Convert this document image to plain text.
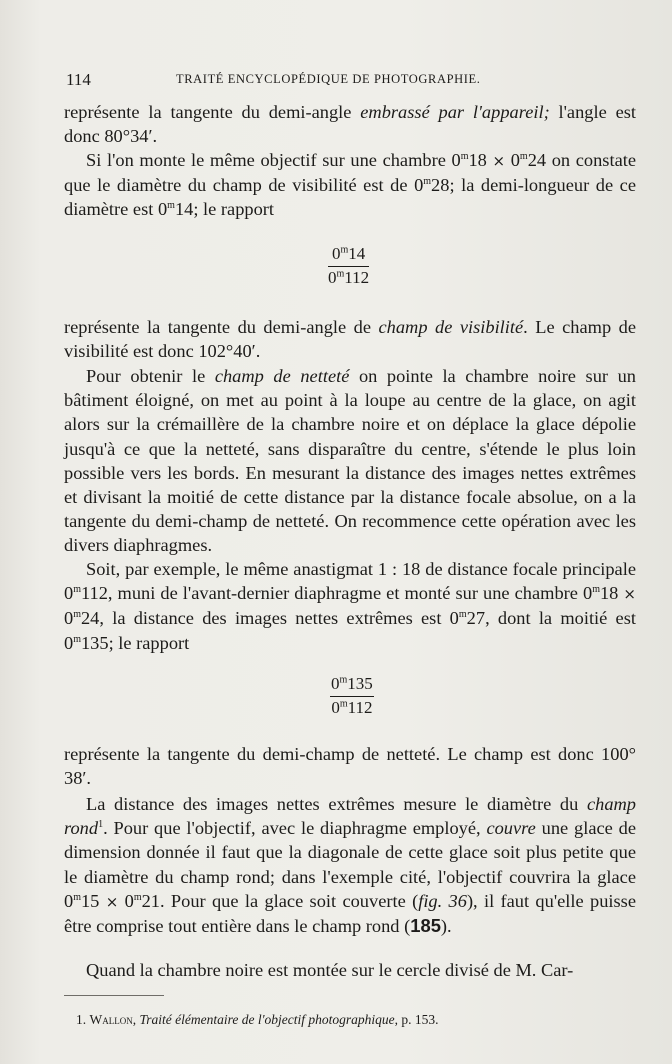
114	TRAITÉ ENCYCLOPÉDIQUE DE PHOTOGRAPHIE.

représente la tangente du demi-angle embrassé par l'appareil; l'angle est donc 80°34′.

Si l'on monte le même objectif sur une chambre $0^m18 \times 0^m24$ on constate que le diamètre du champ de visibilité est de 0$^m$28; la demi-longueur de ce diamètre est 0$^m$14; le rapport

0$^m$14
0$^m$112

représente la tangente du demi-angle de champ de visibilité. Le champ de visibilité est donc 102°40′.

Pour obtenir le champ de netteté on pointe la chambre noire sur un bâtiment éloigné, on met au point à la loupe au centre de la glace, on agit alors sur la crémaillère de la chambre noire et on déplace la glace dépolie jusqu'à ce que la netteté, sans disparaître du centre, s'étende le plus loin possible vers les bords. En mesurant la distance des images nettes extrêmes et divisant la moitié de cette distance par la distance focale absolue, on a la tangente du demi-champ de netteté. On recommence cette opération avec les divers diaphragmes.

Soit, par exemple, le même anastigmat 1 : 18 de distance focale principale 0$^m$112, muni de l'avant-dernier diaphragme et monté sur une chambre $0^m18 \times 0^m24$, la distance des images nettes extrêmes est 0$^m$27, dont la moitié est 0$^m$135; le rapport

0$^m$135
0$^m$112

représente la tangente du demi-champ de netteté. Le champ est donc 100° 38′.

La distance des images nettes extrêmes mesure le diamètre du champ rond$^1$. Pour que l'objectif, avec le diaphragme employé, couvre une glace de dimension donnée il faut que la diagonale de cette glace soit plus petite que le diamètre du champ rond; dans l'exemple cité, l'objectif couvrira la glace $0^m15 \times 0^m21$. Pour que la glace soit couverte (fig. 36), il faut qu'elle puisse être comprise tout entière dans le champ rond (185).

Quand la chambre noire est montée sur le cercle divisé de M. Car-

1. Wallon, Traité élémentaire de l'objectif photographique, p. 153.
